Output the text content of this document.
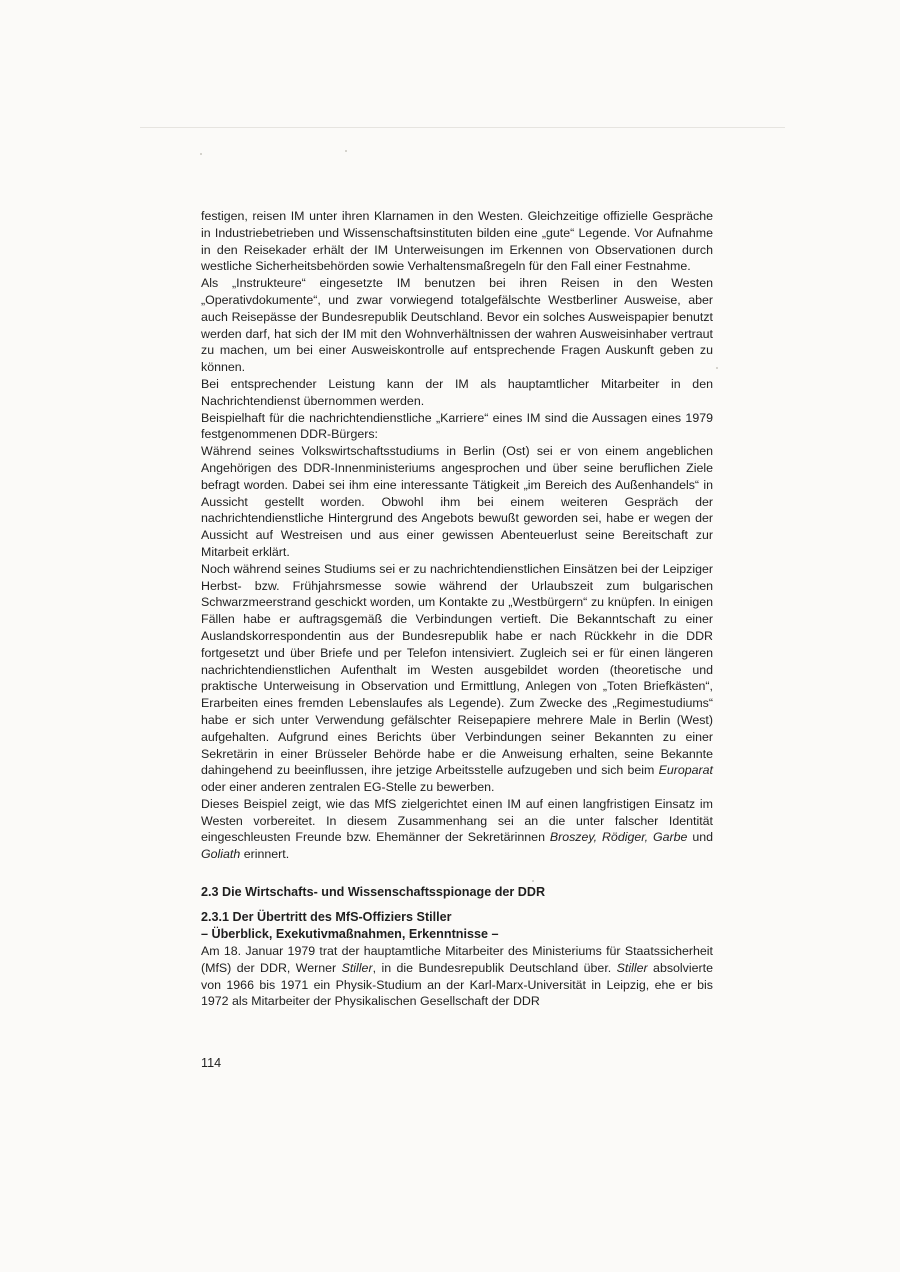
festigen, reisen IM unter ihren Klarnamen in den Westen. Gleichzeitige offizielle Gespräche in Industriebetrieben und Wissenschaftsinstituten bilden eine „gute“ Legende. Vor Aufnahme in den Reisekader erhält der IM Unterweisungen im Erkennen von Observationen durch westliche Sicherheitsbehörden sowie Verhaltensmaßregeln für den Fall einer Festnahme.

Als „Instrukteure“ eingesetzte IM benutzen bei ihren Reisen in den Westen „Operativdokumente“, und zwar vorwiegend totalgefälschte Westberliner Ausweise, aber auch Reisepässe der Bundesrepublik Deutschland. Bevor ein solches Ausweispapier benutzt werden darf, hat sich der IM mit den Wohnverhältnissen der wahren Ausweisinhaber vertraut zu machen, um bei einer Ausweiskontrolle auf entsprechende Fragen Auskunft geben zu können.

Bei entsprechender Leistung kann der IM als hauptamtlicher Mitarbeiter in den Nachrichtendienst übernommen werden.

Beispielhaft für die nachrichtendienstliche „Karriere“ eines IM sind die Aussagen eines 1979 festgenommenen DDR-Bürgers:

Während seines Volkswirtschaftsstudiums in Berlin (Ost) sei er von einem angeblichen Angehörigen des DDR-Innenministeriums angesprochen und über seine beruflichen Ziele befragt worden. Dabei sei ihm eine interessante Tätigkeit „im Bereich des Außenhandels“ in Aussicht gestellt worden. Obwohl ihm bei einem weiteren Gespräch der nachrichtendienstliche Hintergrund des Angebots bewußt geworden sei, habe er wegen der Aussicht auf Westreisen und aus einer gewissen Abenteuerlust seine Bereitschaft zur Mitarbeit erklärt.

Noch während seines Studiums sei er zu nachrichtendienstlichen Einsätzen bei der Leipziger Herbst- bzw. Frühjahrsmesse sowie während der Urlaubszeit zum bulgarischen Schwarzmeerstrand geschickt worden, um Kontakte zu „Westbürgern“ zu knüpfen. In einigen Fällen habe er auftragsgemäß die Verbindungen vertieft. Die Bekanntschaft zu einer Auslandskorrespondentin aus der Bundesrepublik habe er nach Rückkehr in die DDR fortgesetzt und über Briefe und per Telefon intensiviert. Zugleich sei er für einen längeren nachrichtendienstlichen Aufenthalt im Westen ausgebildet worden (theoretische und praktische Unterweisung in Observation und Ermittlung, Anlegen von „Toten Briefkästen“, Erarbeiten eines fremden Lebenslaufes als Legende). Zum Zwecke des „Regimestudiums“ habe er sich unter Verwendung gefälschter Reisepapiere mehrere Male in Berlin (West) aufgehalten. Aufgrund eines Berichts über Verbindungen seiner Bekannten zu einer Sekretärin in einer Brüsseler Behörde habe er die Anweisung erhalten, seine Bekannte dahingehend zu beeinflussen, ihre jetzige Arbeitsstelle aufzugeben und sich beim Europarat oder einer anderen zentralen EG-Stelle zu bewerben.

Dieses Beispiel zeigt, wie das MfS zielgerichtet einen IM auf einen langfristigen Einsatz im Westen vorbereitet. In diesem Zusammenhang sei an die unter falscher Identität eingeschleusten Freunde bzw. Ehemänner der Sekretärinnen Broszey, Rödiger, Garbe und Goliath erinnert.

2.3 Die Wirtschafts- und Wissenschaftsspionage der DDR
2.3.1 Der Übertritt des MfS-Offiziers Stiller
– Überblick, Exekutivmaßnahmen, Erkenntnisse –

Am 18. Januar 1979 trat der hauptamtliche Mitarbeiter des Ministeriums für Staatssicherheit (MfS) der DDR, Werner Stiller, in die Bundesrepublik Deutschland über. Stiller absolvierte von 1966 bis 1971 ein Physik-Studium an der Karl-Marx-Universität in Leipzig, ehe er bis 1972 als Mitarbeiter der Physikalischen Gesellschaft der DDR

114
